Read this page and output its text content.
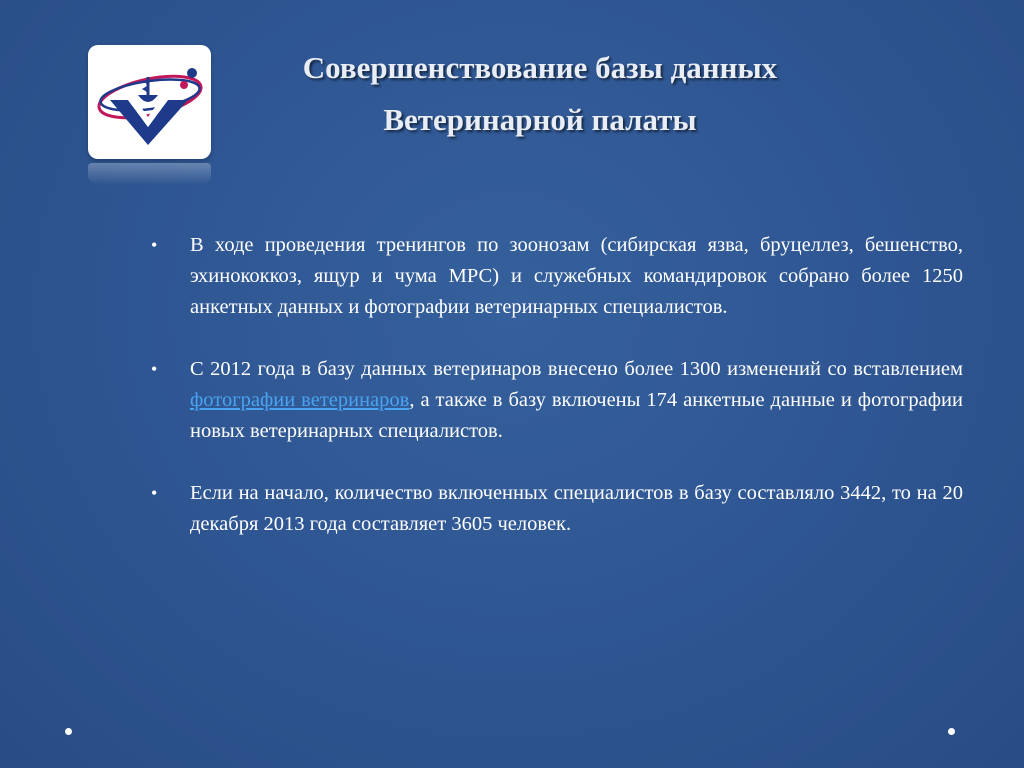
Совершенствование базы данных
Ветеринарной палаты
• В ходе проведения тренингов по зоонозам (сибирская язва, бруцеллез, бешенство, эхинококкоз, ящур и чума МРС) и служебных командировок собрано более 1250 анкетных данных и фотографии ветеринарных специалистов.
• С 2012 года в базу данных ветеринаров внесено более 1300 изменений со вставлением фотографии ветеринаров, а также в базу включены 174 анкетные данные и фотографии новых ветеринарных специалистов.
• Если на начало, количество включенных специалистов в базу составляло 3442, то на 20 декабря 2013 года составляет 3605 человек.
